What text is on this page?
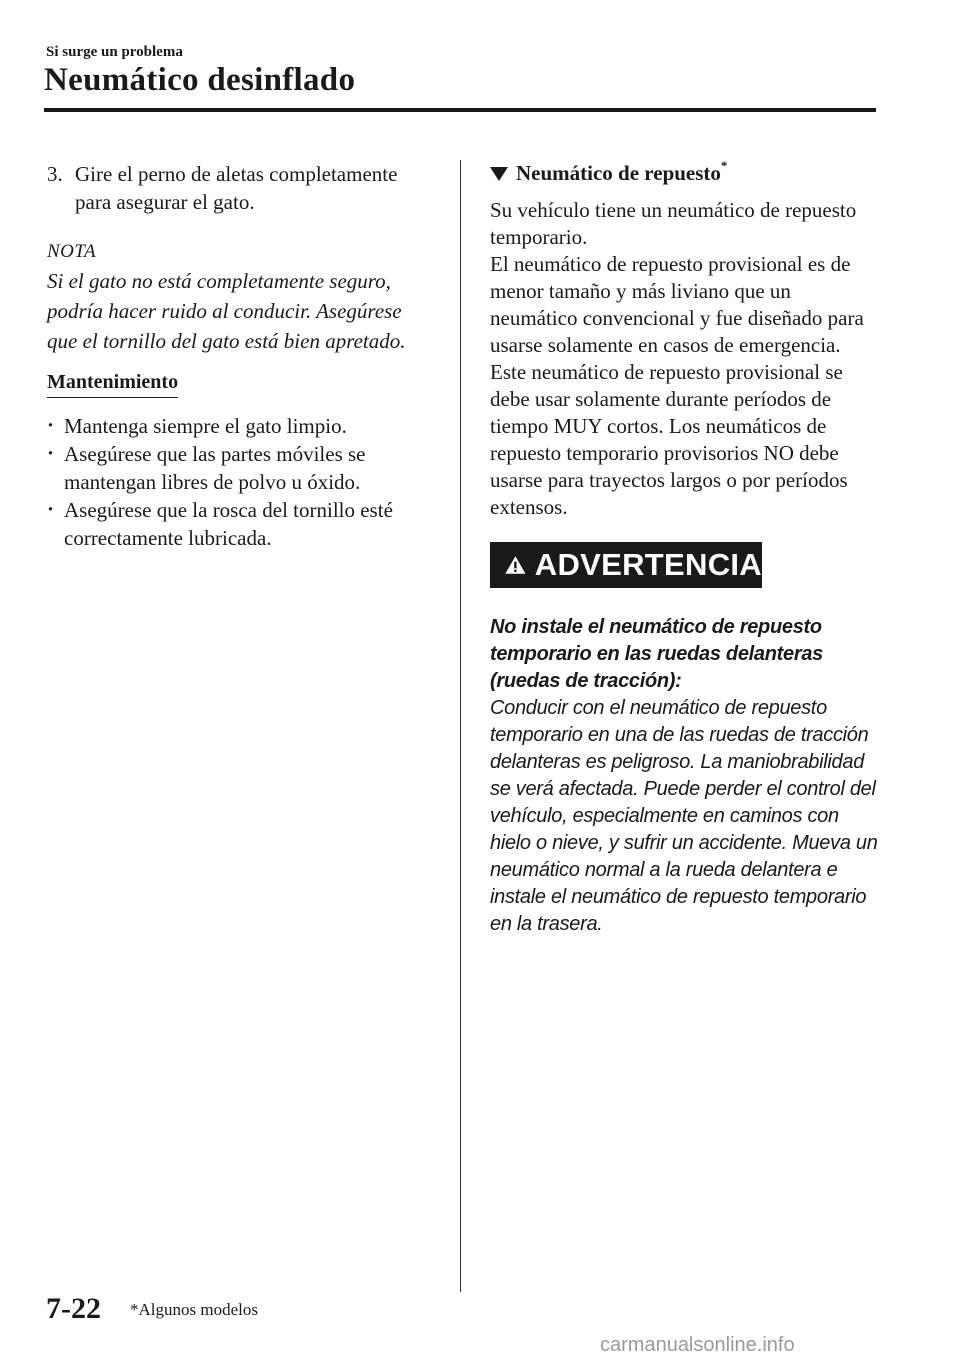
Si surge un problema
Neumático desinflado
3. Gire el perno de aletas completamente para asegurar el gato.
NOTA
Si el gato no está completamente seguro, podría hacer ruido al conducir. Asegúrese que el tornillo del gato está bien apretado.
Mantenimiento
· Mantenga siempre el gato limpio.
· Asegúrese que las partes móviles se mantengan libres de polvo u óxido.
· Asegúrese que la rosca del tornillo esté correctamente lubricada.
Neumático de repuesto *
Su vehículo tiene un neumático de repuesto temporario.
El neumático de repuesto provisional es de menor tamaño y más liviano que un neumático convencional y fue diseñado para usarse solamente en casos de emergencia. Este neumático de repuesto provisional se debe usar solamente durante períodos de tiempo MUY cortos. Los neumáticos de repuesto temporario provisorios NO debe usarse para trayectos largos o por períodos extensos.
ADVERTENCIA
No instale el neumático de repuesto temporario en las ruedas delanteras (ruedas de tracción):
Conducir con el neumático de repuesto temporario en una de las ruedas de tracción delanteras es peligroso. La maniobrabilidad se verá afectada. Puede perder el control del vehículo, especialmente en caminos con hielo o nieve, y sufrir un accidente. Mueva un neumático normal a la rueda delantera e instale el neumático de repuesto temporario en la trasera.
7-22 *Algunos modelos
carmanualsonline.info
